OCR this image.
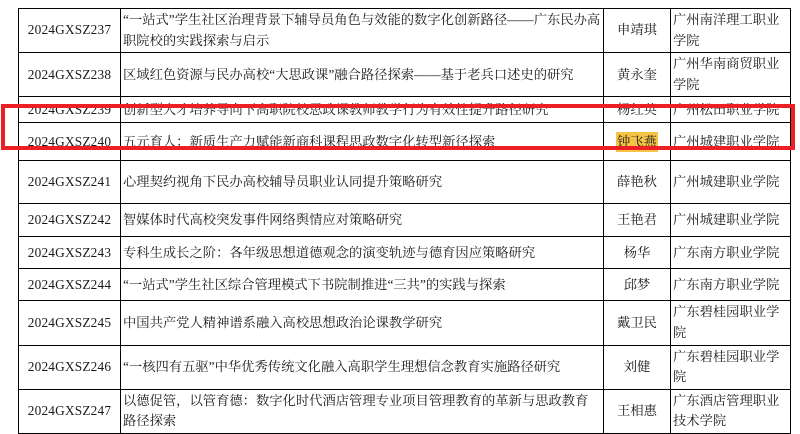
2024GXSZ237	“一站式”学生社区治理背景下辅导员角色与效能的数字化创新路径——广东民办高职院校的实践探索与启示	申靖琪	广州南洋理工职业学院
2024GXSZ238	区域红色资源与民办高校“大思政课”融合路径探索——基于老兵口述史的研究	黄永奎	广州华南商贸职业学院
2024GXSZ239	创新型人才培养导向下高职院校思政课教师教学行为有效性提升路径研究	杨红英	广州松田职业学院
2024GXSZ240	五元育人：新质生产力赋能新商科课程思政数字化转型新径探索	钟飞燕	广州城建职业学院
2024GXSZ241	心理契约视角下民办高校辅导员职业认同提升策略研究	薛艳秋	广州城建职业学院
2024GXSZ242	智媒体时代高校突发事件网络舆情应对策略研究	王艳君	广州城建职业学院
2024GXSZ243	专科生成长之阶：各年级思想道德观念的演变轨迹与德育因应策略研究	杨华	广东南方职业学院
2024GXSZ244	“一站式”学生社区综合管理模式下书院制推进“三共”的实践与探索	邱梦	广东南方职业学院
2024GXSZ245	中国共产党人精神谱系融入高校思想政治论课教学研究	戴卫民	广东碧桂园职业学院
2024GXSZ246	“一核四有五驱”中华优秀传统文化融入高职学生理想信念教育实施路径研究	刘健	广东碧桂园职业学院
2024GXSZ247	以德促管，以管育德：数字化时代酒店管理专业项目管理教育的革新与思政教育路径探索	王相惠	广东酒店管理职业技术学院
